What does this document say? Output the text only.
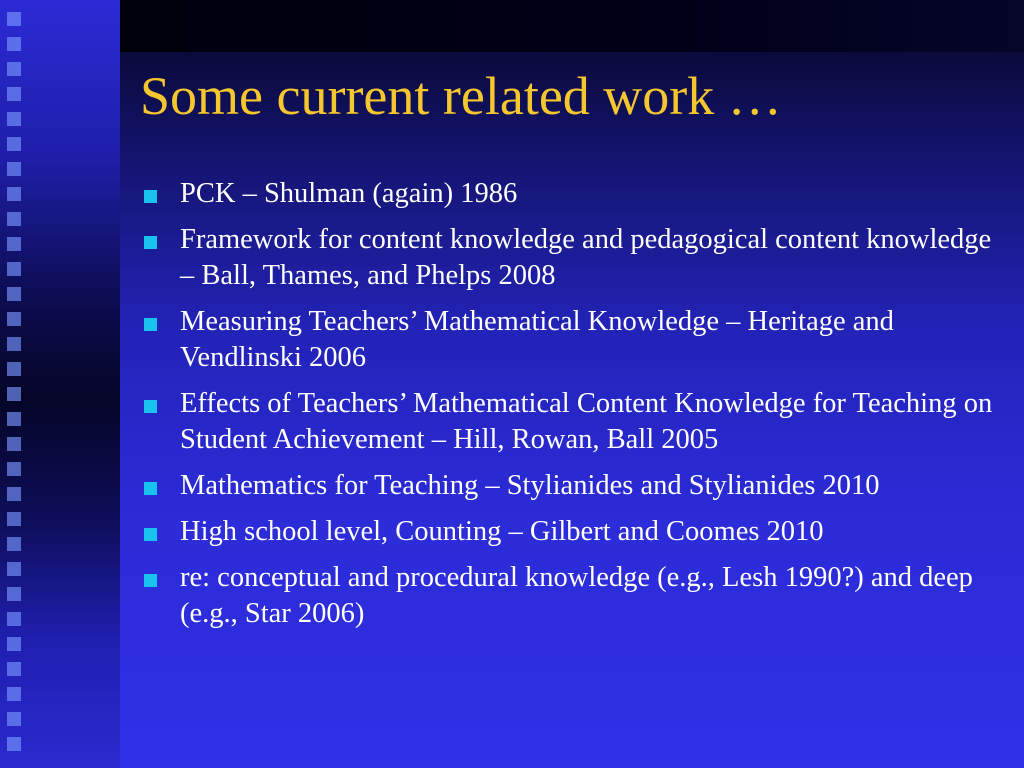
Some current related work …
PCK – Shulman (again) 1986
Framework for content knowledge and pedagogical content knowledge – Ball, Thames, and Phelps 2008
Measuring Teachers’ Mathematical Knowledge – Heritage and Vendlinski 2006
Effects of Teachers’ Mathematical Content Knowledge for Teaching on Student Achievement – Hill, Rowan, Ball 2005
Mathematics for Teaching – Stylianides and Stylianides 2010
High school level, Counting – Gilbert and Coomes 2010
re: conceptual and procedural knowledge (e.g., Lesh 1990?) and deep (e.g., Star 2006)
